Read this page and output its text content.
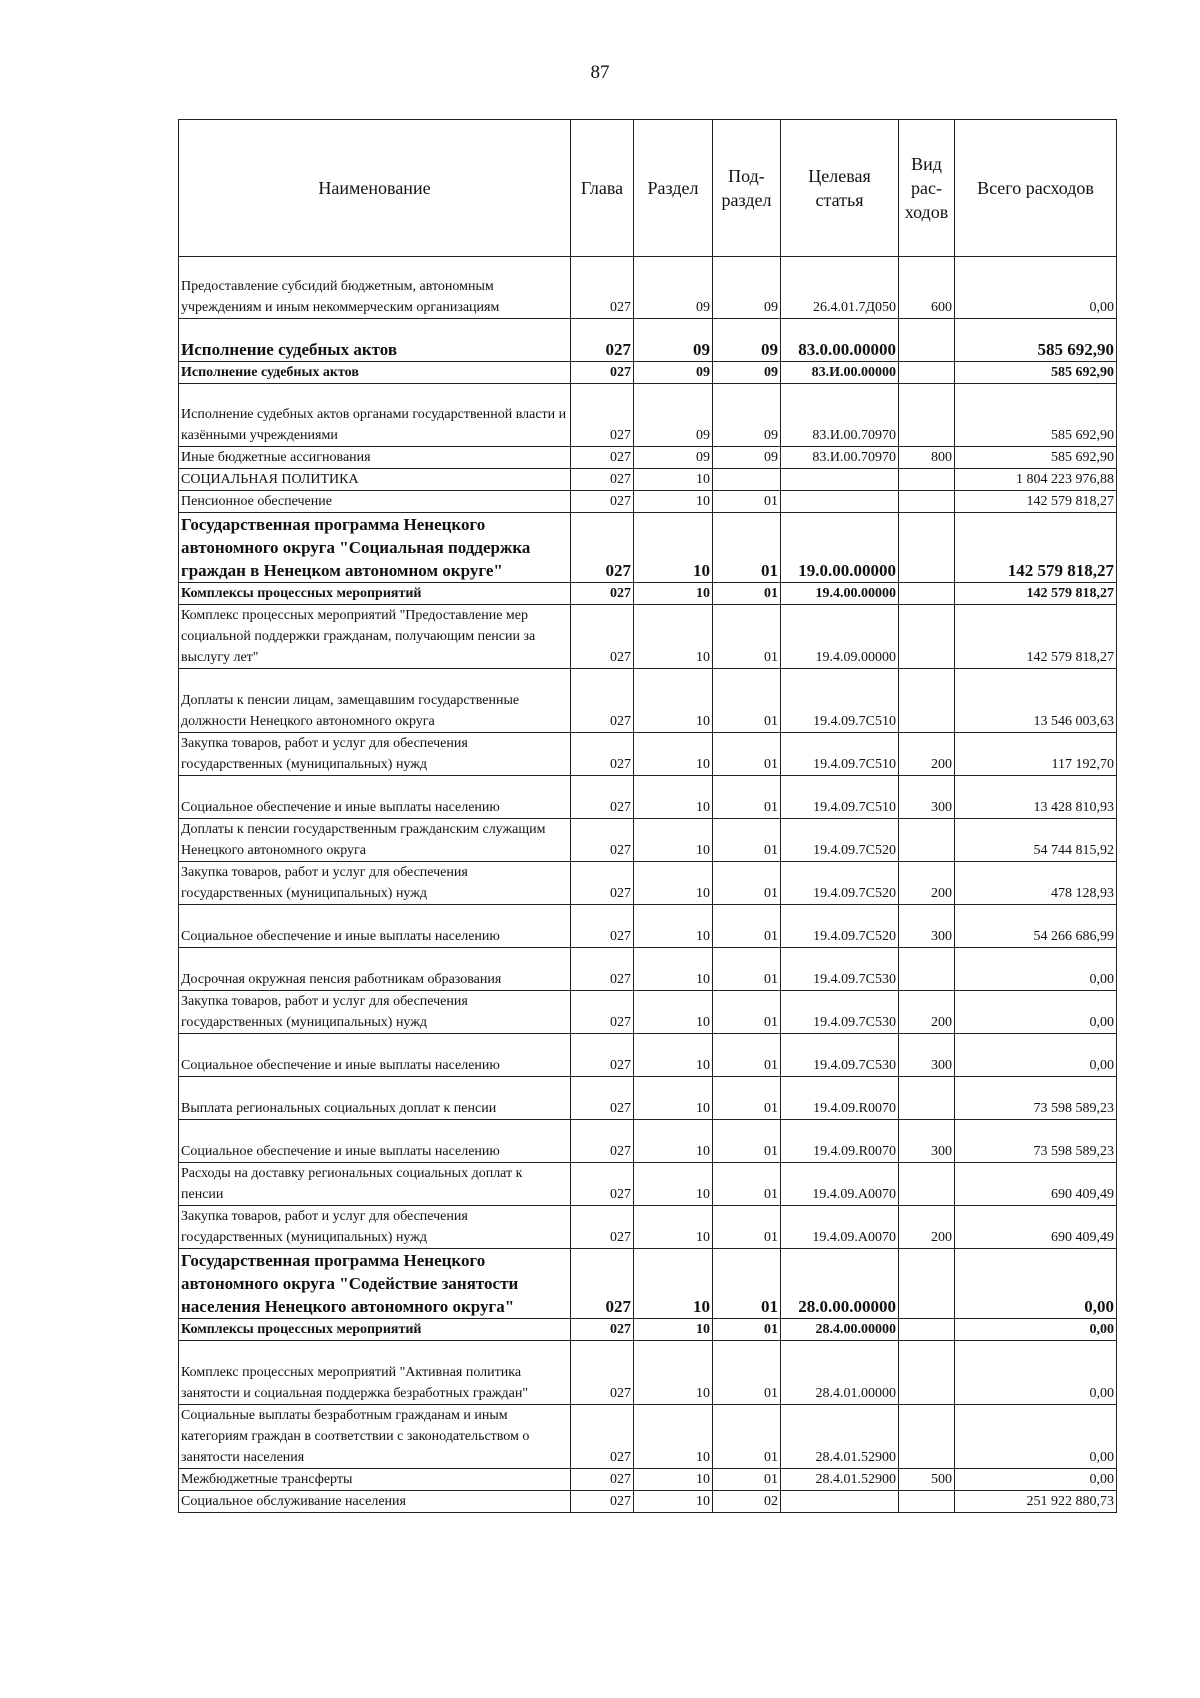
87
Наименование	Глава	Раздел	Под-раздел	Целевая статья	Вид рас-ходов	Всего расходов
Предоставление субсидий бюджетным, автономным учреждениям и иным некоммерческим организациям	027	09	09	26.4.01.7Д050	600	0,00
Исполнение судебных актов	027	09	09	83.0.00.00000		585 692,90
Исполнение судебных актов	027	09	09	83.И.00.00000		585 692,90
Исполнение судебных актов органами государственной власти и казёнными учреждениями	027	09	09	83.И.00.70970		585 692,90
Иные бюджетные ассигнования	027	09	09	83.И.00.70970	800	585 692,90
СОЦИАЛЬНАЯ ПОЛИТИКА	027	10				1 804 223 976,88
Пенсионное обеспечение	027	10	01			142 579 818,27
Государственная программа Ненецкого автономного округа "Социальная поддержка граждан в Ненецком автономном округе"	027	10	01	19.0.00.00000		142 579 818,27
Комплексы процессных мероприятий	027	10	01	19.4.00.00000		142 579 818,27
Комплекс процессных мероприятий "Предоставление мер социальной поддержки гражданам, получающим пенсии за выслугу лет"	027	10	01	19.4.09.00000		142 579 818,27
Доплаты к пенсии лицам, замещавшим государственные должности Ненецкого автономного округа	027	10	01	19.4.09.7С510		13 546 003,63
Закупка товаров, работ и услуг для обеспечения государственных (муниципальных) нужд	027	10	01	19.4.09.7С510	200	117 192,70
Социальное обеспечение и иные выплаты населению	027	10	01	19.4.09.7С510	300	13 428 810,93
Доплаты к пенсии государственным гражданским служащим Ненецкого автономного округа	027	10	01	19.4.09.7С520		54 744 815,92
Закупка товаров, работ и услуг для обеспечения государственных (муниципальных) нужд	027	10	01	19.4.09.7С520	200	478 128,93
Социальное обеспечение и иные выплаты населению	027	10	01	19.4.09.7С520	300	54 266 686,99
Досрочная окружная пенсия работникам образования	027	10	01	19.4.09.7С530		0,00
Закупка товаров, работ и услуг для обеспечения государственных (муниципальных) нужд	027	10	01	19.4.09.7С530	200	0,00
Социальное обеспечение и иные выплаты населению	027	10	01	19.4.09.7С530	300	0,00
Выплата региональных социальных доплат к пенсии	027	10	01	19.4.09.R0070		73 598 589,23
Социальное обеспечение и иные выплаты населению	027	10	01	19.4.09.R0070	300	73 598 589,23
Расходы на доставку региональных социальных доплат к пенсии	027	10	01	19.4.09.А0070		690 409,49
Закупка товаров, работ и услуг для обеспечения государственных (муниципальных) нужд	027	10	01	19.4.09.А0070	200	690 409,49
Государственная программа Ненецкого автономного округа "Содействие занятости населения Ненецкого автономного округа"	027	10	01	28.0.00.00000		0,00
Комплексы процессных мероприятий	027	10	01	28.4.00.00000		0,00
Комплекс процессных мероприятий "Активная политика занятости и социальная поддержка безработных граждан"	027	10	01	28.4.01.00000		0,00
Социальные выплаты безработным гражданам и иным категориям граждан в соответствии с законодательством о занятости населения	027	10	01	28.4.01.52900		0,00
Межбюджетные трансферты	027	10	01	28.4.01.52900	500	0,00
Социальное обслуживание населения	027	10	02			251 922 880,73
